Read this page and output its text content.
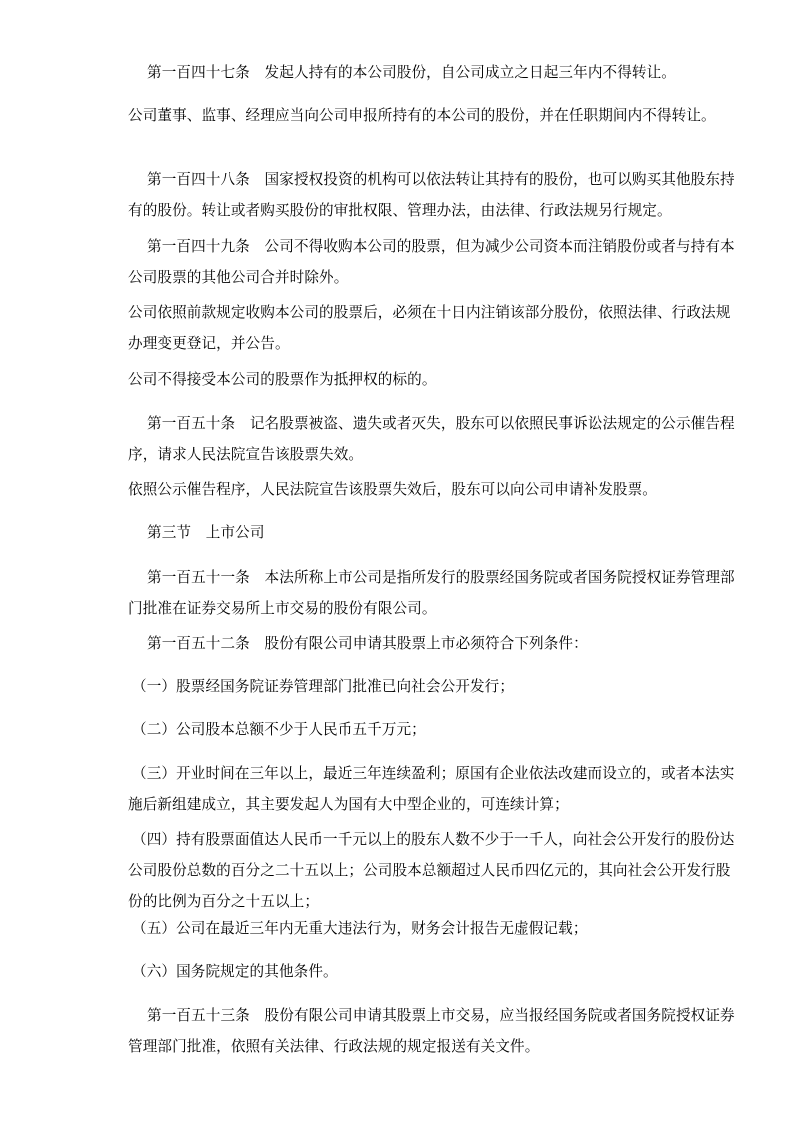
第一百四十七条　发起人持有的本公司股份，自公司成立之日起三年内不得转让。

公司董事、监事、经理应当向公司申报所持有的本公司的股份，并在任职期间内不得转让。

第一百四十八条　国家授权投资的机构可以依法转让其持有的股份，也可以购买其他股东持有的股份。转让或者购买股份的审批权限、管理办法，由法律、行政法规另行规定。

第一百四十九条　公司不得收购本公司的股票，但为减少公司资本而注销股份或者与持有本公司股票的其他公司合并时除外。

公司依照前款规定收购本公司的股票后，必须在十日内注销该部分股份，依照法律、行政法规办理变更登记，并公告。

公司不得接受本公司的股票作为抵押权的标的。

第一百五十条　记名股票被盗、遗失或者灭失，股东可以依照民事诉讼法规定的公示催告程序，请求人民法院宣告该股票失效。

依照公示催告程序，人民法院宣告该股票失效后，股东可以向公司申请补发股票。

第三节　上市公司

第一百五十一条　本法所称上市公司是指所发行的股票经国务院或者国务院授权证券管理部门批准在证券交易所上市交易的股份有限公司。

第一百五十二条　股份有限公司申请其股票上市必须符合下列条件：

（一）股票经国务院证券管理部门批准已向社会公开发行；

（二）公司股本总额不少于人民币五千万元；

（三）开业时间在三年以上，最近三年连续盈利；原国有企业依法改建而设立的，或者本法实施后新组建成立，其主要发起人为国有大中型企业的，可连续计算；

（四）持有股票面值达人民币一千元以上的股东人数不少于一千人，向社会公开发行的股份达公司股份总数的百分之二十五以上；公司股本总额超过人民币四亿元的，其向社会公开发行股份的比例为百分之十五以上；

（五）公司在最近三年内无重大违法行为，财务会计报告无虚假记载；

（六）国务院规定的其他条件。

第一百五十三条　股份有限公司申请其股票上市交易，应当报经国务院或者国务院授权证券管理部门批准，依照有关法律、行政法规的规定报送有关文件。
